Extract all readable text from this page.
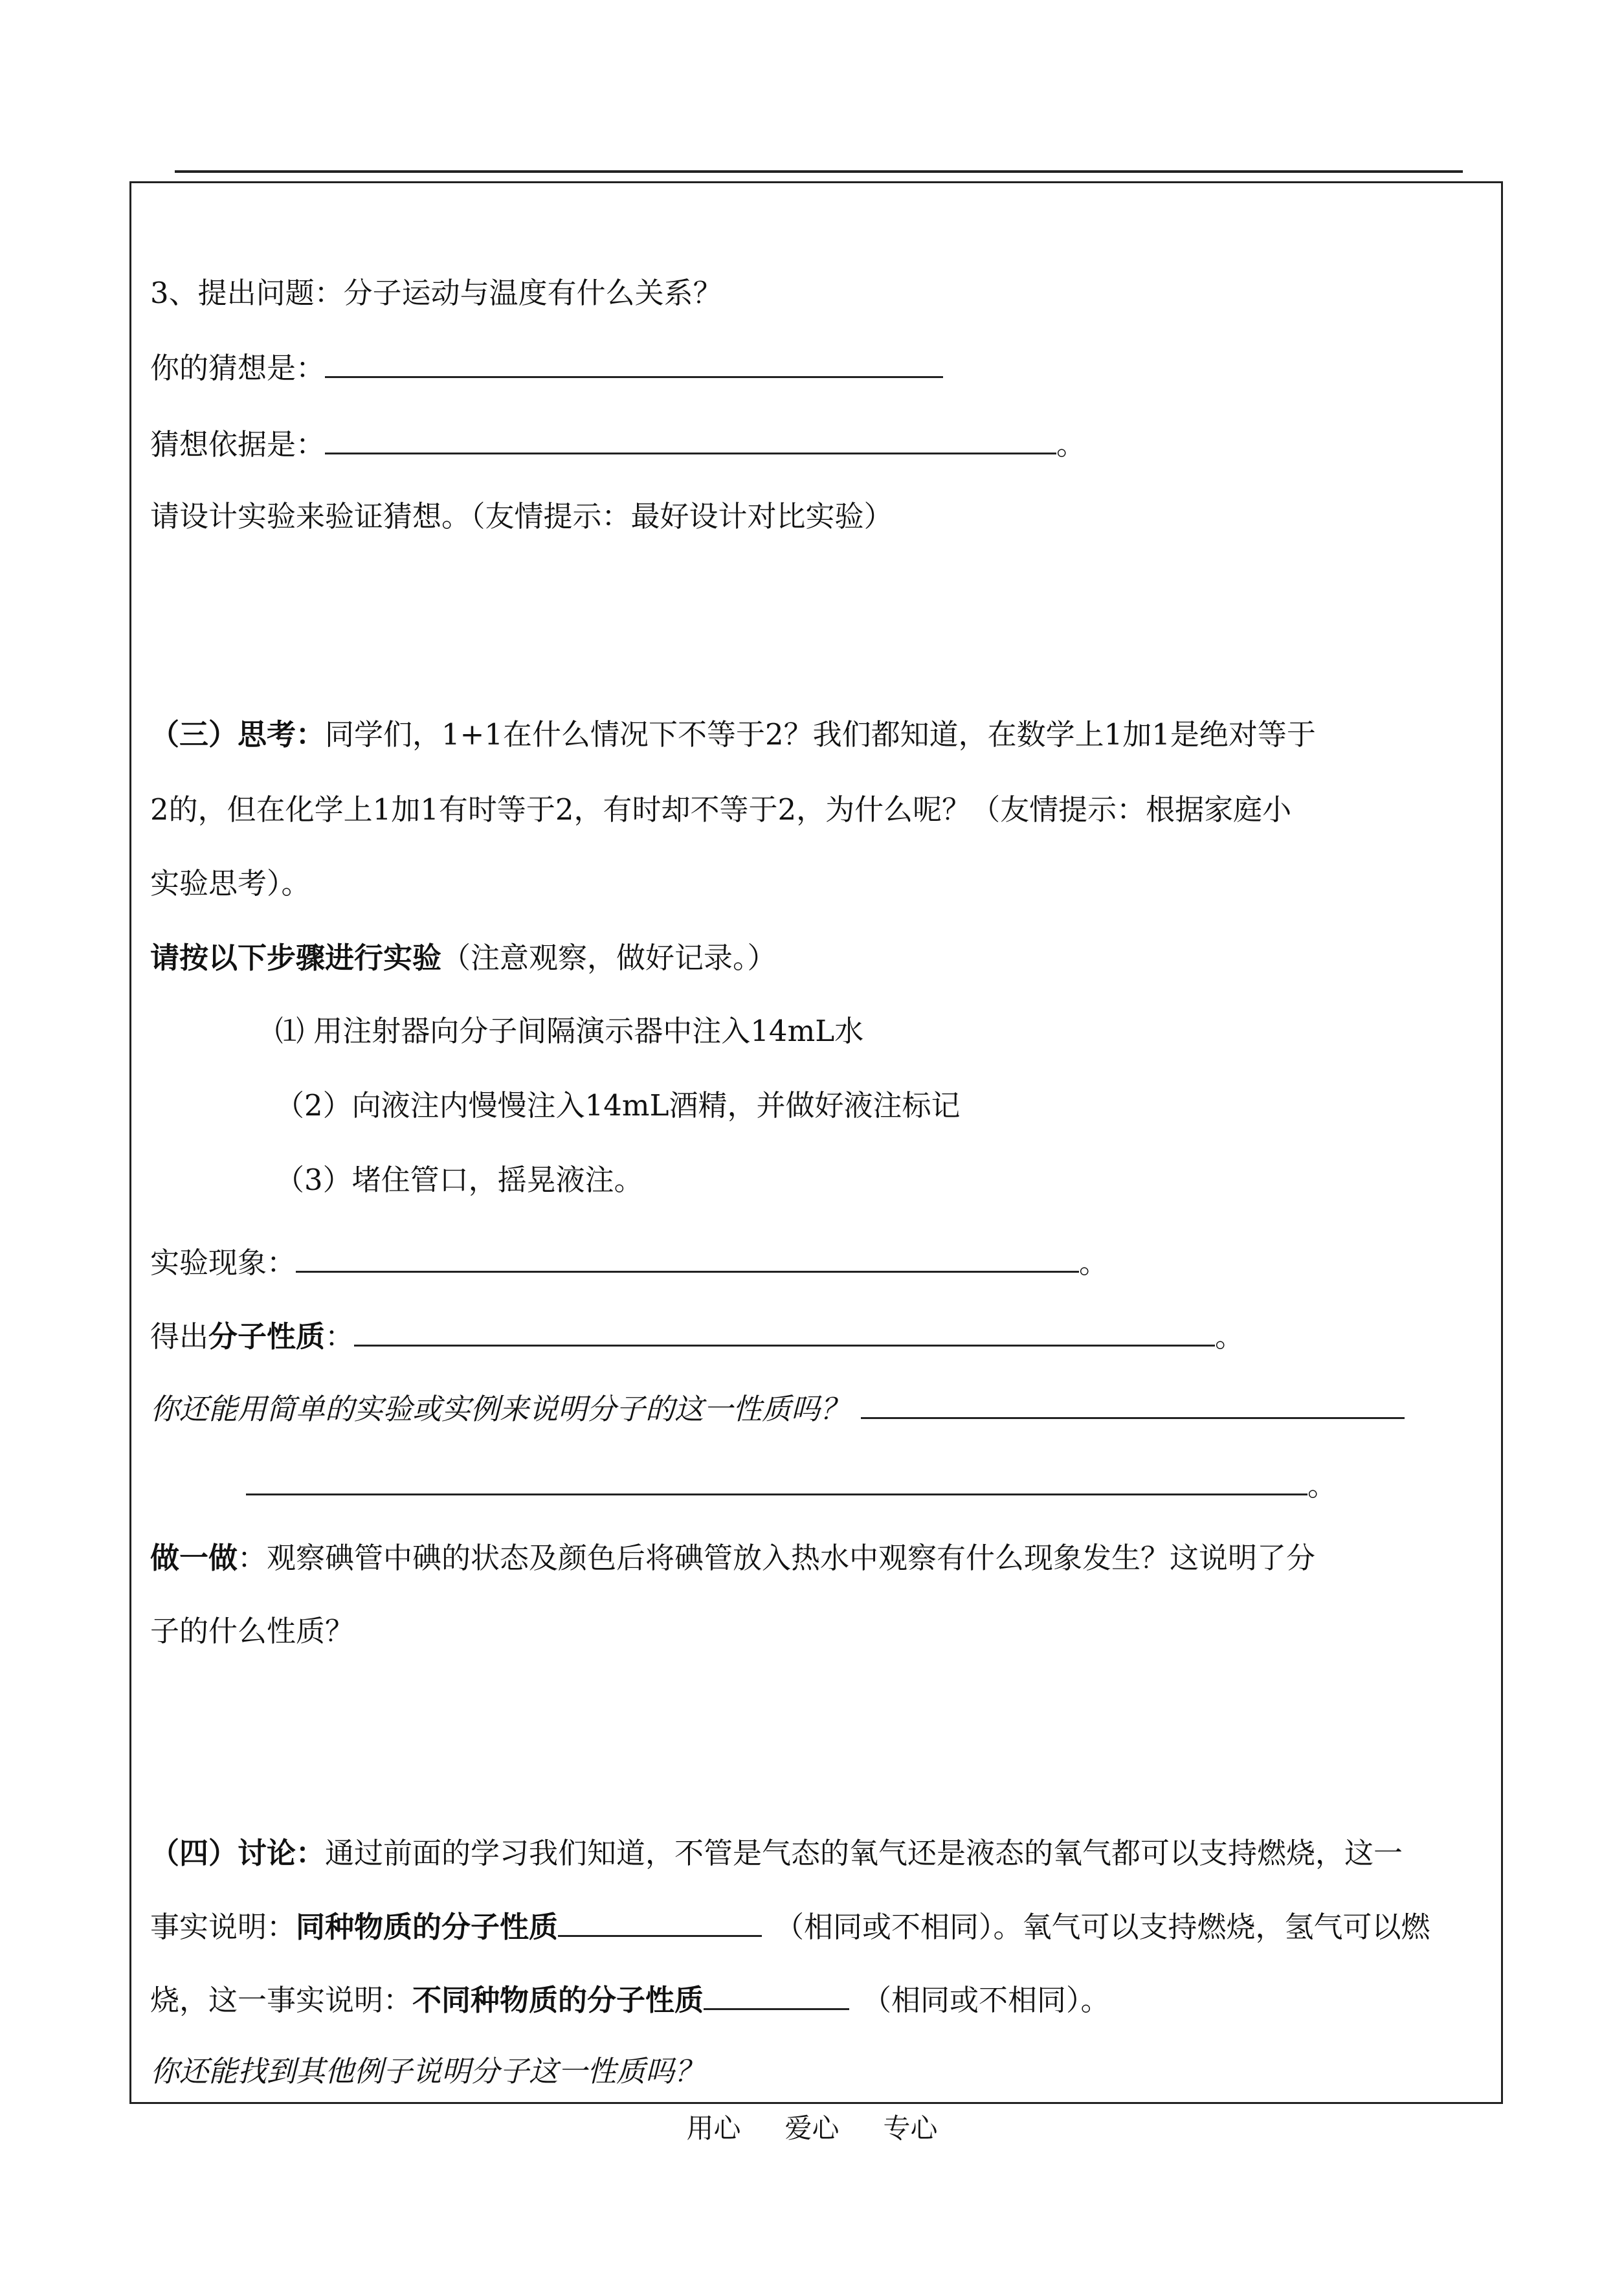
3、提出问题：分子运动与温度有什么关系？
你的猜想是：
猜想依据是：	。
请设计实验来验证猜想。（友情提示：最好设计对比实验）
（三）思考：同学们，1+1在什么情况下不等于2？我们都知道，在数学上1加1是绝对等于
2的，但在化学上1加1有时等于2，有时却不等于2，为什么呢？（友情提示：根据家庭小
实验思考）。
请按以下步骤进行实验（注意观察，做好记录。）
⑴ 用注射器向分子间隔演示器中注入14mL水
（2）向液注内慢慢注入14mL酒精，并做好液注标记
（3）堵住管口，摇晃液注。
实验现象：	。
得出分子性质：	。
你还能用简单的实验或实例来说明分子的这一性质吗？
。
做一做：观察碘管中碘的状态及颜色后将碘管放入热水中观察有什么现象发生？这说明了分
子的什么性质？
（四）讨论：通过前面的学习我们知道，不管是气态的氧气还是液态的氧气都可以支持燃烧，这一
事实说明：同种物质的分子性质	（相同或不相同）。氧气可以支持燃烧，氢气可以燃
烧，这一事实说明：不同种物质的分子性质	（相同或不相同）。
你还能找到其他例子说明分子这一性质吗？
用心 爱心 专心
